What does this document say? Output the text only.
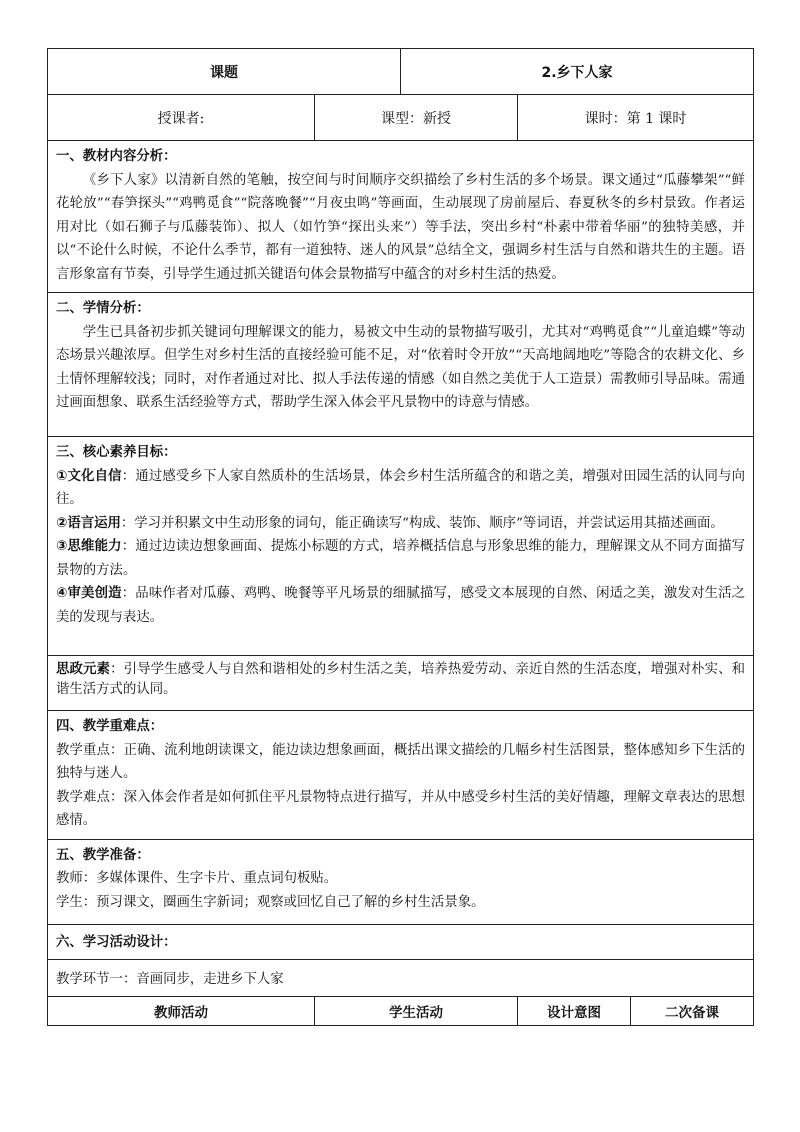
课题		2.乡下人家		
授课者:	课型：新授		课时：第 1 课时	

一、教材内容分析：

《乡下人家》以清新自然的笔触，按空间与时间顺序交织描绘了乡村生活的多个场景。课文通过“瓜藤攀架”“鲜花轮放”“春笋探头”“鸡鸭觅食”“院落晚餐”“月夜虫鸣”等画面，生动展现了房前屋后、春夏秋冬的乡村景致。作者运用对比（如石狮子与瓜藤装饰）、拟人（如竹笋“探出头来”）等手法，突出乡村“朴素中带着华丽”的独特美感，并以“不论什么时候，不论什么季节，都有一道独特、迷人的风景”总结全文，强调乡村生活与自然和谐共生的主题。语言形象富有节奏，引导学生通过抓关键语句体会景物描写中蕴含的对乡村生活的热爱。				

二、学情分析：

学生已具备初步抓关键词句理解课文的能力，易被文中生动的景物描写吸引，尤其对“鸡鸭觅食”“儿童追蝶”等动态场景兴趣浓厚。但学生对乡村生活的直接经验可能不足，对“依着时令开放”“天高地阔地吃”等隐含的农耕文化、乡土情怀理解较浅；同时，对作者通过对比、拟人手法传递的情感（如自然之美优于人工造景）需教师引导品味。需通过画面想象、联系生活经验等方式，帮助学生深入体会平凡景物中的诗意与情感。				

三、核心素养目标：

①文化自信：通过感受乡下人家自然质朴的生活场景，体会乡村生活所蕴含的和谐之美，增强对田园生活的认同与向往。

②语言运用：学习并积累文中生动形象的词句，能正确读写“构成、装饰、顺序”等词语，并尝试运用其描述画面。

③思维能力：通过边读边想象画面、提炼小标题的方式，培养概括信息与形象思维的能力，理解课文从不同方面描写景物的方法。

④审美创造：品味作者对瓜藤、鸡鸭、晚餐等平凡场景的细腻描写，感受文本展现的自然、闲适之美，激发对生活之美的发现与表达。				

思政元素：引导学生感受人与自然和谐相处的乡村生活之美，培养热爱劳动、亲近自然的生活态度，增强对朴实、和谐生活方式的认同。				

四、教学重难点：

教学重点：正确、流利地朗读课文，能边读边想象画面，概括出课文描绘的几幅乡村生活图景，整体感知乡下生活的独特与迷人。

教学难点：深入体会作者是如何抓住平凡景物特点进行描写，并从中感受乡村生活的美好情趣，理解文章表达的思想感情。				

五、教学准备：

教师：多媒体课件、生字卡片、重点词句板贴。

学生：预习课文，圈画生字新词；观察或回忆自己了解的乡村生活景象。				

六、学习活动设计：				

教学环节一：音画同步，走进乡下人家				
教师活动	学生活动		设计意图	二次备课
